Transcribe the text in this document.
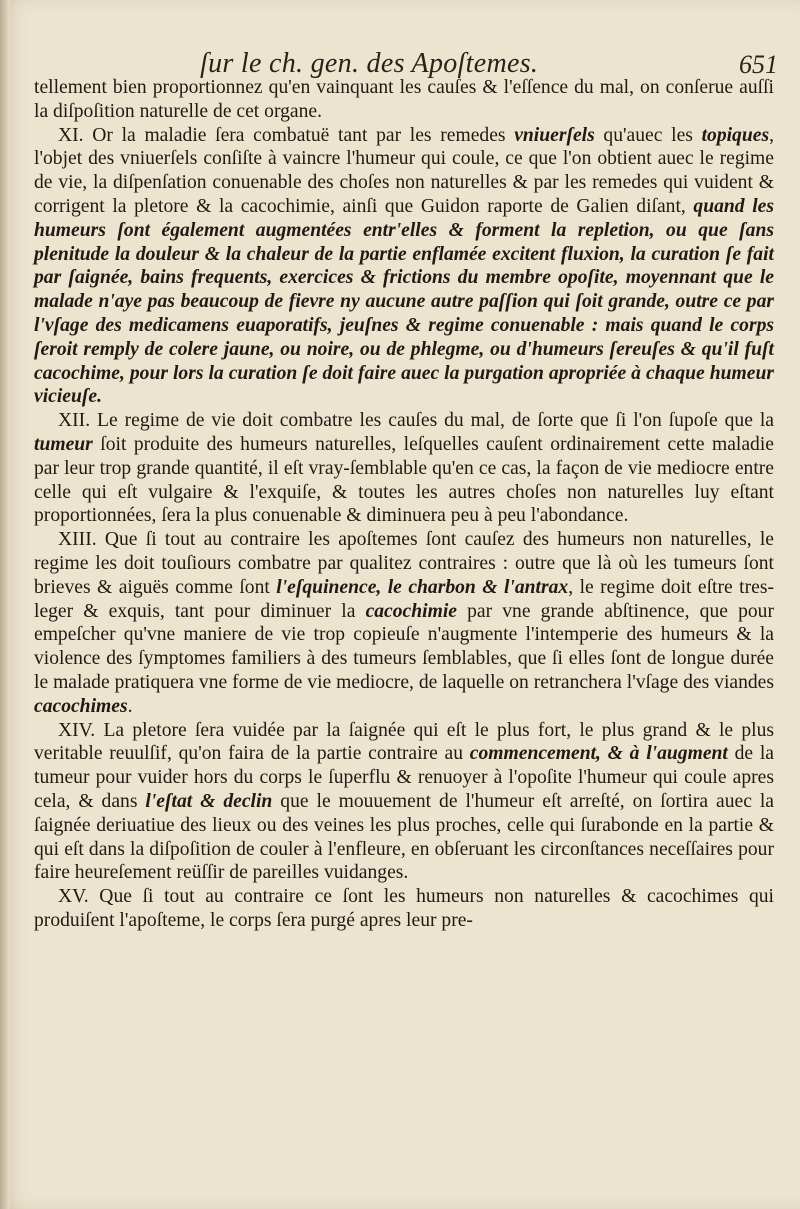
ſur le ch. gen. des Apoſtemes.	651

tellement bien proportionnez qu'en vainquant les cauſes & l'eſſence du mal, on conſerue auſſi la diſpoſition naturelle de cet organe.

XI. Or la maladie ſera combatuë tant par les remedes vniuerſels qu'auec les topiques, l'objet des vniuerſels conſiſte à vaincre l'humeur qui coule, ce que l'on obtient auec le regime de vie, la diſpenſation conuenable des choſes non naturelles & par les remedes qui vuident & corrigent la pletore & la cacochimie, ainſi que Guidon raporte de Galien diſant, quand les humeurs ſont également augmentées entr'elles & forment la repletion, ou que ſans plenitude la douleur & la chaleur de la partie enflamée excitent fluxion, la curation ſe fait par ſaignée, bains frequents, exercices & frictions du membre opoſite, moyennant que le malade n'aye pas beaucoup de fievre ny aucune autre paſſion qui ſoit grande, outre ce par l'vſage des medicamens euaporatifs, jeuſnes & regime conuenable : mais quand le corps ſeroit remply de colere jaune, ou noire, ou de phlegme, ou d'humeurs ſereuſes & qu'il fuſt cacochime, pour lors la curation ſe doit faire auec la purgation apropriée à chaque humeur vicieuſe.

XII. Le regime de vie doit combatre les cauſes du mal, de ſorte que ſi l'on ſupoſe que la tumeur ſoit produite des humeurs naturelles, leſquelles cauſent ordinairement cette maladie par leur trop grande quantité, il eſt vray-ſemblable qu'en ce cas, la façon de vie mediocre entre celle qui eſt vulgaire & l'exquiſe, & toutes les autres choſes non naturelles luy eſtant proportionnées, ſera la plus conuenable & diminuera peu à peu l'abondance.

XIII. Que ſi tout au contraire les apoſtemes ſont cauſez des humeurs non naturelles, le regime les doit touſiours combatre par qualitez contraires : outre que là où les tumeurs ſont brieves & aiguës comme ſont l'eſquinence, le charbon & l'antrax, le regime doit eſtre tres-leger & exquis, tant pour diminuer la cacochimie par vne grande abſtinence, que pour empeſcher qu'vne maniere de vie trop copieuſe n'augmente l'intemperie des humeurs & la violence des ſymptomes familiers à des tumeurs ſemblables, que ſi elles ſont de longue durée le malade pratiquera vne forme de vie mediocre, de laquelle on retranchera l'vſage des viandes cacochimes.

XIV. La pletore ſera vuidée par la ſaignée qui eſt le plus fort, le plus grand & le plus veritable reuulſif, qu'on faira de la partie contraire au commencement, & à l'augment de la tumeur pour vuider hors du corps le ſuperflu & renuoyer à l'opoſite l'humeur qui coule apres cela, & dans l'eſtat & declin que le mouuement de l'humeur eſt arreſté, on ſortira auec la ſaignée deriuatiue des lieux ou des veines les plus proches, celle qui ſurabonde en la partie & qui eſt dans la diſpoſition de couler à l'enfleure, en obſeruant les circonſtances neceſſaires pour faire heureſement reüſſir de pareilles vuidanges.

XV. Que ſi tout au contraire ce ſont les humeurs non naturelles & cacochimes qui produiſent l'apoſteme, le corps ſera purgé apres leur pre-
